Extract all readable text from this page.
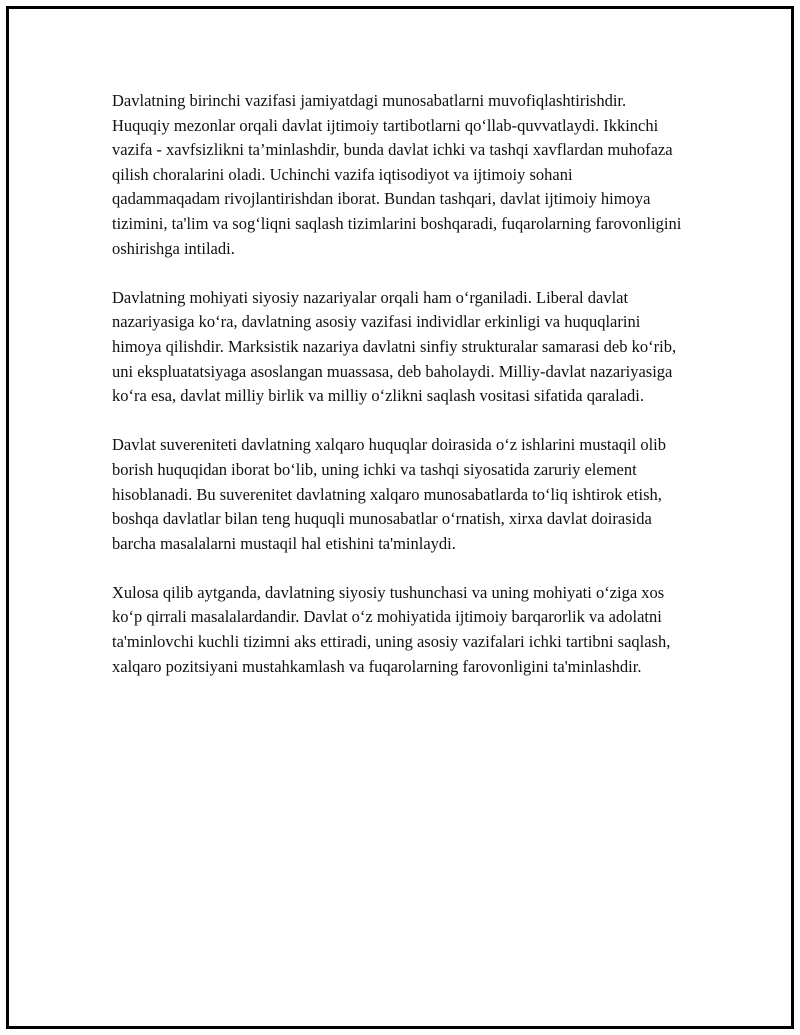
Davlatning birinchi vazifasi jamiyatdagi munosabatlarni muvofiqlashtirishdir. Huquqiy mezonlar orqali davlat ijtimoiy tartibotlarni qo‘llab-quvvatlaydi. Ikkinchi vazifa - xavfsizlikni ta’minlashdir, bunda davlat ichki va tashqi xavflardan muhofaza qilish choralarini oladi. Uchinchi vazifa iqtisodiyot va ijtimoiy sohani qadammaqadam rivojlantirishdan iborat. Bundan tashqari, davlat ijtimoiy himoya tizimini, ta'lim va sog‘liqni saqlash tizimlarini boshqaradi, fuqarolarning farovonligini oshirishga intiladi.

Davlatning mohiyati siyosiy nazariyalar orqali ham o‘rganiladi. Liberal davlat nazariyasiga ko‘ra, davlatning asosiy vazifasi individlar erkinligi va huquqlarini himoya qilishdir. Marksistik nazariya davlatni sinfiy strukturalar samarasi deb ko‘rib, uni ekspluatatsiyaga asoslangan muassasa, deb baholaydi. Milliy-davlat nazariyasiga ko‘ra esa, davlat milliy birlik va milliy o‘zlikni saqlash vositasi sifatida qaraladi.

Davlat suvereniteti davlatning xalqaro huquqlar doirasida o‘z ishlarini mustaqil olib borish huquqidan iborat bo‘lib, uning ichki va tashqi siyosatida zaruriy element hisoblanadi. Bu suverenitet davlatning xalqaro munosabatlarda to‘liq ishtirok etish, boshqa davlatlar bilan teng huquqli munosabatlar o‘rnatish, xirxa davlat doirasida barcha masalalarni mustaqil hal etishini ta'minlaydi.

Xulosa qilib aytganda, davlatning siyosiy tushunchasi va uning mohiyati o‘ziga xos ko‘p qirrali masalalardandir. Davlat o‘z mohiyatida ijtimoiy barqarorlik va adolatni ta'minlovchi kuchli tizimni aks ettiradi, uning asosiy vazifalari ichki tartibni saqlash, xalqaro pozitsiyani mustahkamlash va fuqarolarning farovonligini ta'minlashdir.
